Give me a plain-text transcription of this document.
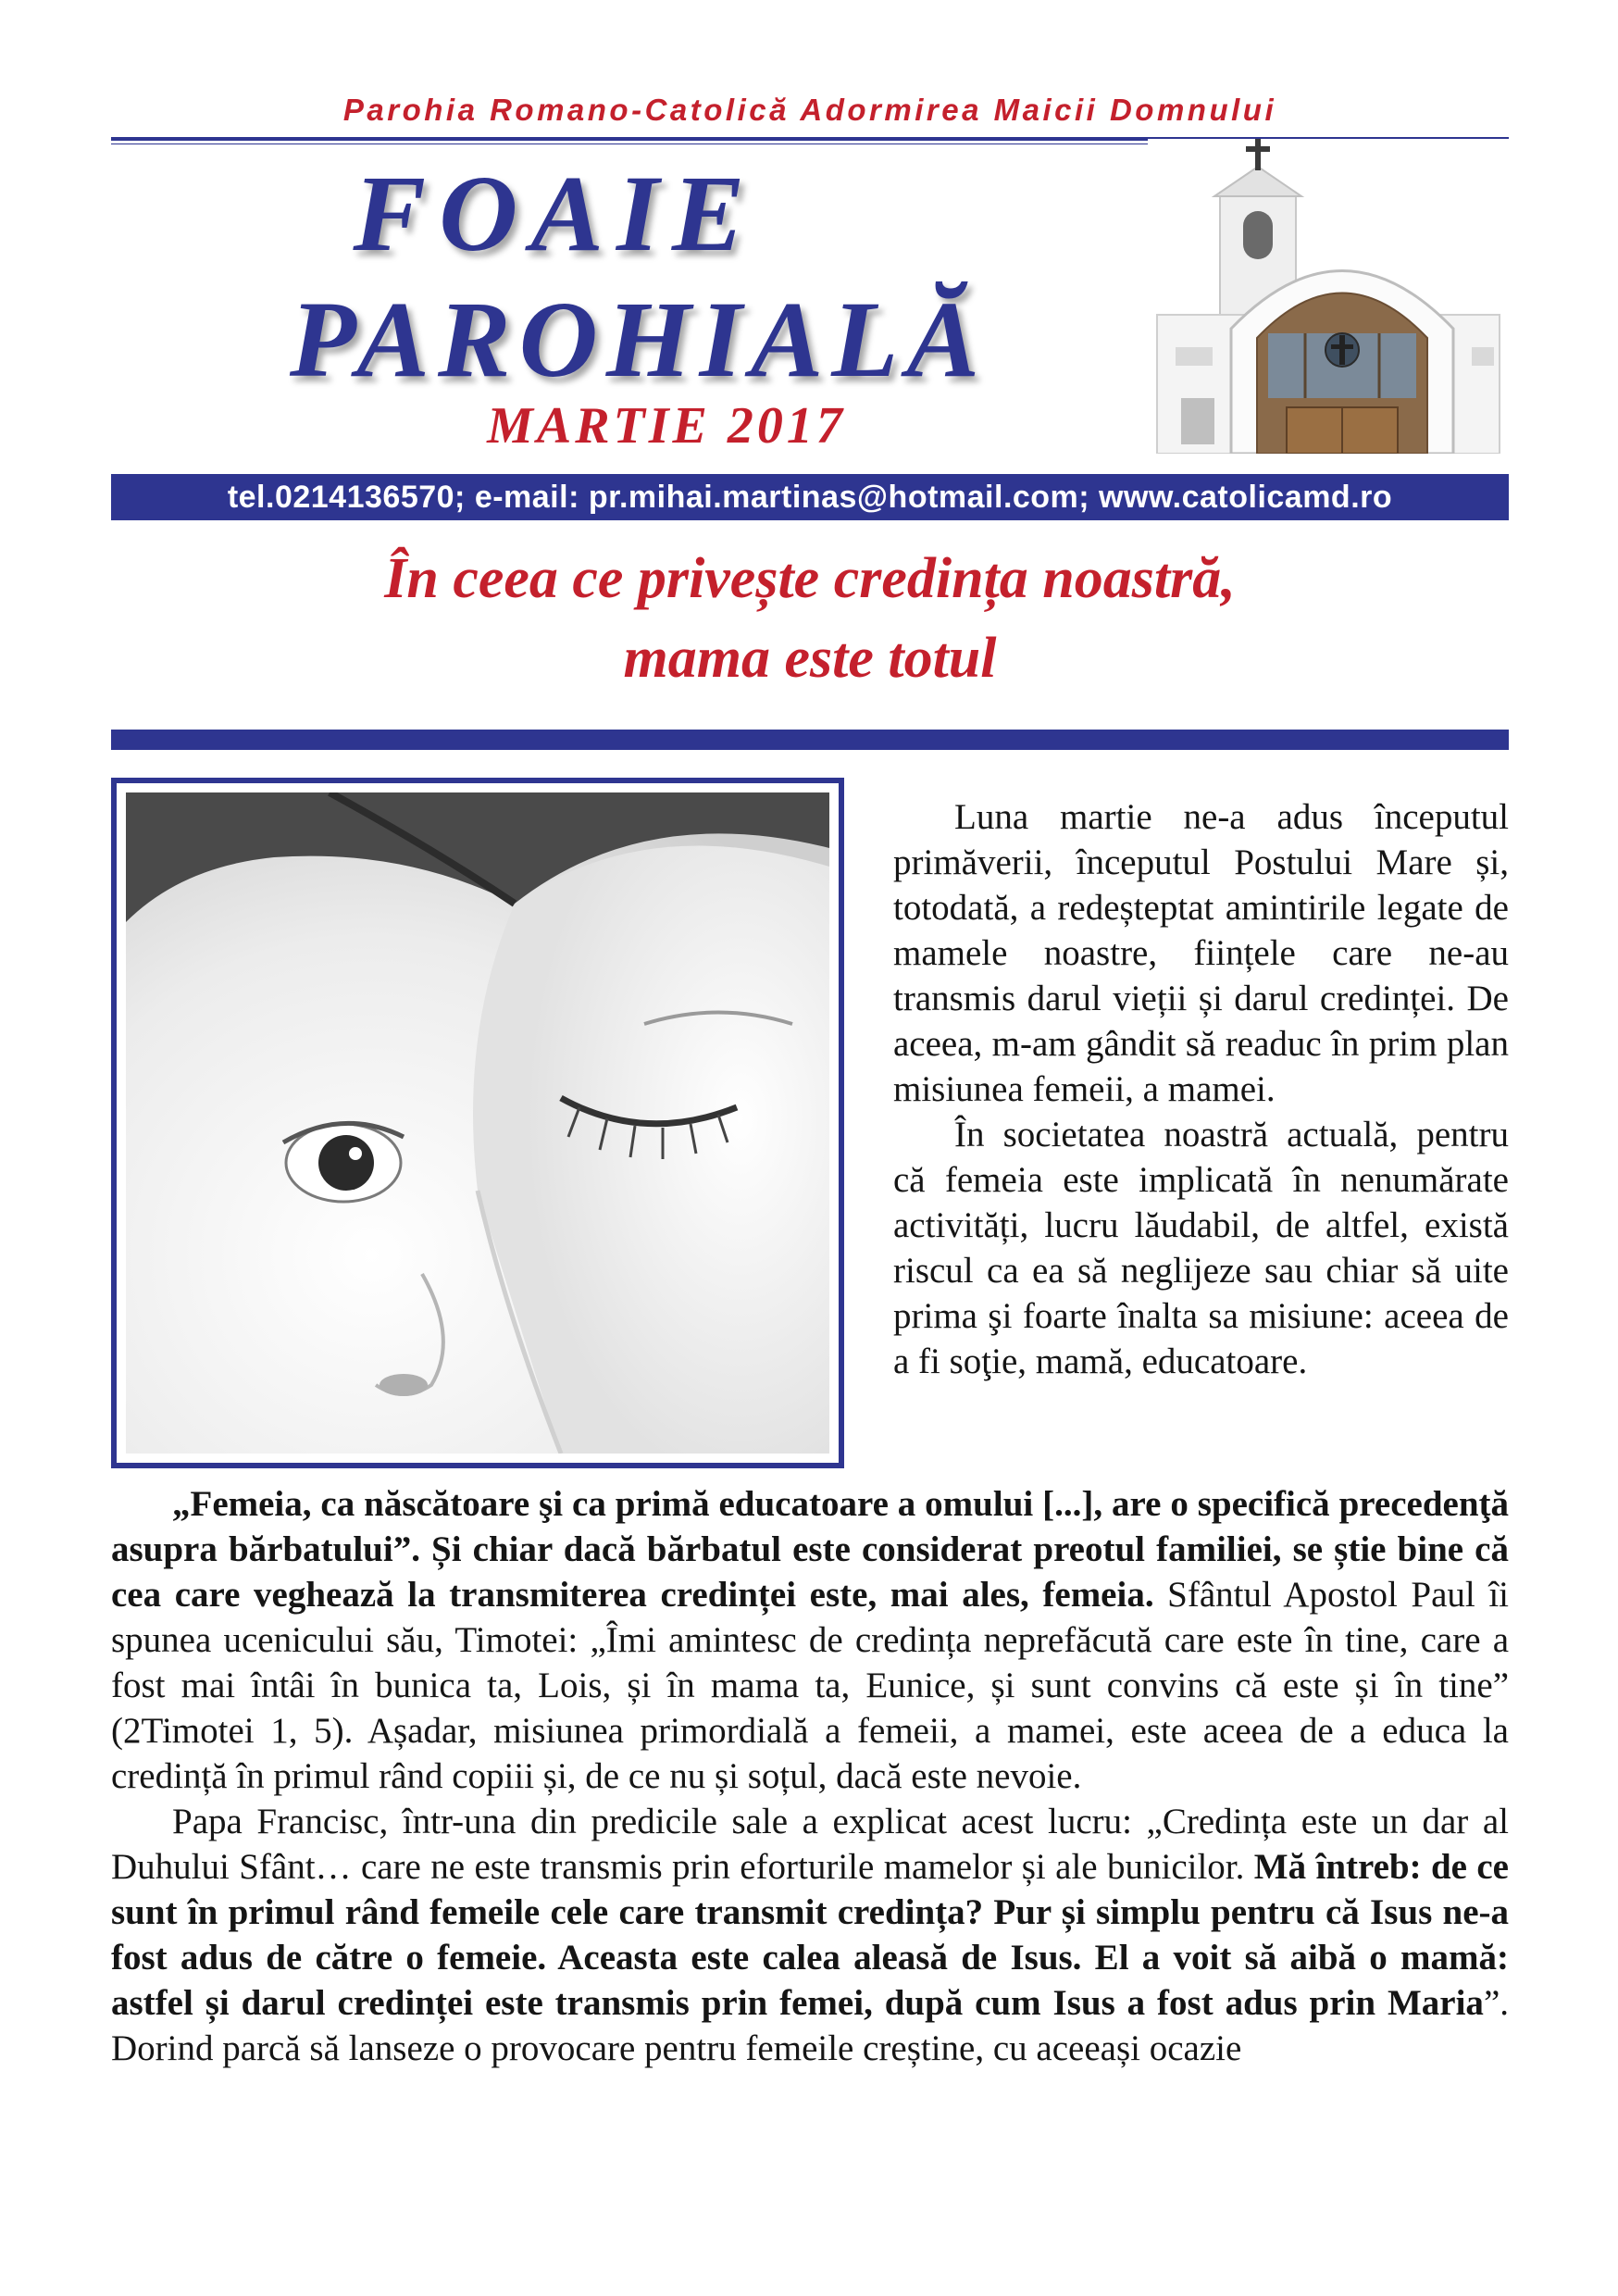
Parohia Romano-Catolică Adormirea Maicii Domnului
FOAIE
PAROHIALĂ
MARTIE 2017
tel.0214136570; e-mail: pr.mihai.martinas@hotmail.com; www.catolicamd.ro
În ceea ce privește credința noastră,
mama este totul

Luna martie ne-a adus începutul primăverii, începutul Postului Mare și, totodată, a redeșteptat amintirile legate de mamele noastre, ființele care ne-au transmis darul vieții și darul credinței. De aceea, m-am gândit să readuc în prim plan misiunea femeii, a mamei.

În societatea noastră actuală, pentru că femeia este implicată în nenumărate activități, lucru lăudabil, de altfel, există riscul ca ea să neglijeze sau chiar să uite prima şi foarte înalta sa misiune: aceea de a fi soţie, mamă, educatoare.

„Femeia, ca născătoare şi ca primă educatoare a omului [...], are o specifică precedenţă asupra bărbatului”. Și chiar dacă bărbatul este considerat preotul familiei, se știe bine că cea care veghează la transmiterea credinței este, mai ales, femeia. Sfântul Apostol Paul îi spunea ucenicului său, Timotei: „Îmi amintesc de credința neprefăcută care este în tine, care a fost mai întâi în bunica ta, Lois, și în mama ta, Eunice, și sunt convins că este și în tine” (2Timotei 1, 5). Așadar, misiunea primordială a femeii, a mamei, este aceea de a educa la credință în primul rând copiii și, de ce nu și soțul, dacă este nevoie.

Papa Francisc, într-una din predicile sale a explicat acest lucru: „Credința este un dar al Duhului Sfânt… care ne este transmis prin eforturile mamelor și ale bunicilor. Mă întreb: de ce sunt în primul rând femeile cele care transmit credința? Pur și simplu pentru că Isus ne-a fost adus de către o femeie. Aceasta este calea aleasă de Isus. El a voit să aibă o mamă: astfel și darul credinței este transmis prin femei, după cum Isus a fost adus prin Maria”. Dorind parcă să lanseze o provocare pentru femeile creștine, cu aceeași ocazie
